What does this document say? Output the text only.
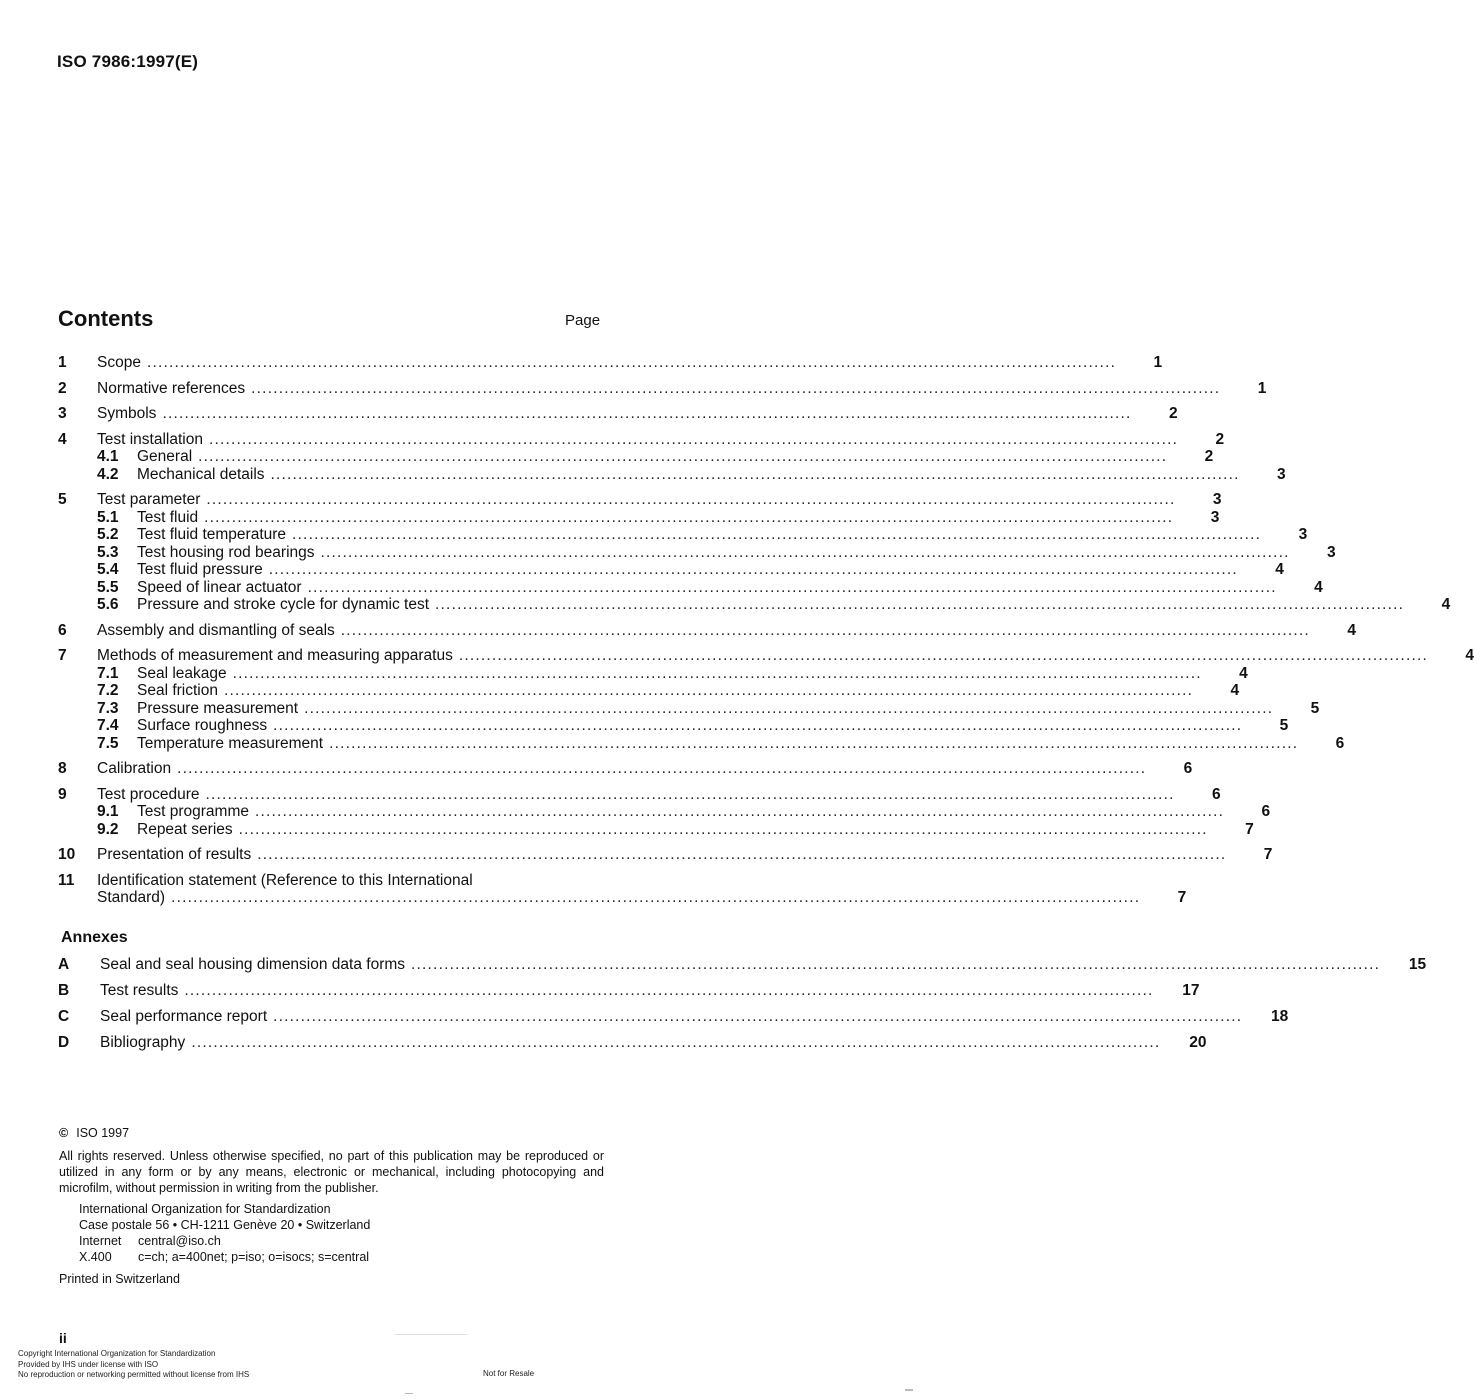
ISO 7986:1997(E)
Contents	Page
1	Scope .....	1
2	Normative references .....	1
3	Symbols .....	2
4	Test installation .....	2
4.1	General .....	2
4.2	Mechanical details .....	3
5	Test parameter .....	3
5.1	Test fluid .....	3
5.2	Test fluid temperature .....	3
5.3	Test housing rod bearings .....	3
5.4	Test fluid pressure .....	4
5.5	Speed of linear actuator .....	4
5.6	Pressure and stroke cycle for dynamic test .....	4
6	Assembly and dismantling of seals .....	4
7	Methods of measurement and measuring apparatus .....	4
7.1	Seal leakage .....	4
7.2	Seal friction .....	4
7.3	Pressure measurement .....	5
7.4	Surface roughness .....	5
7.5	Temperature measurement .....	6
8	Calibration .....	6
9	Test procedure .....	6
9.1	Test programme .....	6
9.2	Repeat series .....	7
10	Presentation of results .....	7
11	Identification statement (Reference to this International
Standard) .....	7
Annexes
A	Seal and seal housing dimension data forms .....	15
B	Test results .....	17
C	Seal performance report .....	18
D	Bibliography .....	20
© ISO 1997
All rights reserved. Unless otherwise specified, no part of this publication may be reproduced or utilized in any form or by any means, electronic or mechanical, including photocopying and microfilm, without permission in writing from the publisher.
International Organization for Standardization
Case postale 56 • CH-1211 Genève 20 • Switzerland
Internet	central@iso.ch
X.400	c=ch; a=400net; p=iso; o=isocs; s=central
Printed in Switzerland
ii
Copyright International Organization for Standardization
Provided by IHS under license with ISO
No reproduction or networking permitted without license from IHS	Not for Resale
